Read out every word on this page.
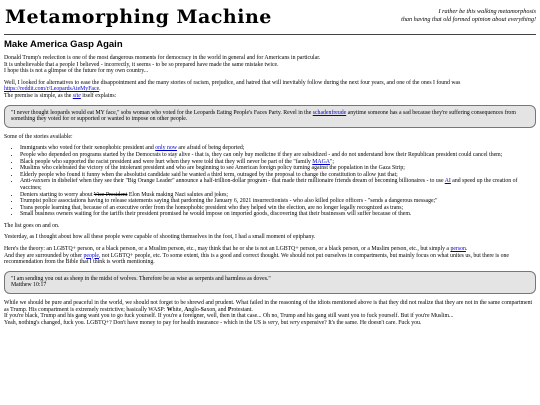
Metamorphing Machine	I rather be this walking metamorphosis
than having that old formed opinion about everything!
Make America Gasp Again

Donald Trump's reelection is one of the most dangerous moments for democracy in the world in general and for Americans in particular.
It is unbelievable that a people I believed - incorrectly, it seems - to be so prepared have made the same mistake twice.
I hope this is not a glimpse of the future for my own country...

Well, I looked for alternatives to ease the disappointment and the many stories of racism, prejudice, and hatred that will inevitably follow during the next four years, and one of the ones I found was https://reddit.com/r/LeopardsAteMyFace.
The premise is simple, as the site itself explains:

"I never thought leopards would eat MY face," sobs woman who voted for the Leopards Eating People's Faces Party. Revel in the schadenfreude anytime someone has a sad because they're suffering consequences from something they voted for or supported or wanted to impose on other people.

Some of the stories available:

• Immigrants who voted for their xenophobic president and only now are afraid of being deported;
• People who depended on programs started by the Democrats to stay alive - that is, they can only buy medicine if they are subsidized - and do not understand how their Republican president could cancel them;
• Black people who supported the racist president and were hurt when they were told that they will never be part of the "family MAGA";
• Muslims who celebrated the victory of the intolerant president and who are beginning to see American foreign policy turning against the population in the Gaza Strip;
• Elderly people who found it funny when the absolutist candidate said he wanted a third term, outraged by the proposal to change the constitution to allow just that;
• Anti-vaxxers in disbelief when they see their "Big Orange Leader" announce a half-trillion-dollar program - that made their millionaire friends dream of becoming billionaires - to use AI and speed up the creation of vaccines;
• Deniers starting to worry about Vice President Elon Musk making Nazi salutes and jokes;
• Trumpist police associations having to release statements saying that pardoning the January 6, 2021 insurrectionists - who also killed police officers - "sends a dangerous message;"
• Trans people learning that, because of an executive order from the homophobic president who they helped win the election, are no longer legally recognized as trans;
• Small business owners waiting for the tariffs their president promised he would impose on imported goods, discovering that their businesses will suffer because of them.

The list goes on and on.

Yesterday, as I thought about how all these people were capable of shooting themselves in the foot, I had a small moment of epiphany.

Here's the theory: an LGBTQ+ person, or a black person, or a Muslim person, etc., may think that he or she is not an LGBTQ+ person, or a black person, or a Muslim person, etc., but simply a person.
And they are surrounded by other people, not LGBTQ+ people, etc. To some extent, this is a good and correct thought. We should not put ourselves in compartments, but mainly focus on what unites us, but there is one recommendation from the Bible that I think is worth mentioning.

"I am sending you out as sheep in the midst of wolves. Therefore be as wise as serpents and harmless as doves."
Matthew 10:17

While we should be pure and peaceful in the world, we should not forget to be shrewd and prudent. What failed in the reasoning of the idiots mentioned above is that they did not realize that they are not in the same compartment as Trump. His compartment is extremely restrictive; basically WASP: White, Anglo-Saxon, and Protestant.
If you're black, Trump and his gang want you to go fuck yourself. If you're a foreigner, well, then in that case... Oh no, Trump and his gang still want you to fuck yourself. But if you're Muslim...
Yeah, nothing's changed, fuck you. LGBTQ+? Don't have money to pay for health insurance - which in the US is very, but very expensive? It's the same. He doesn't care. Fuck you.
